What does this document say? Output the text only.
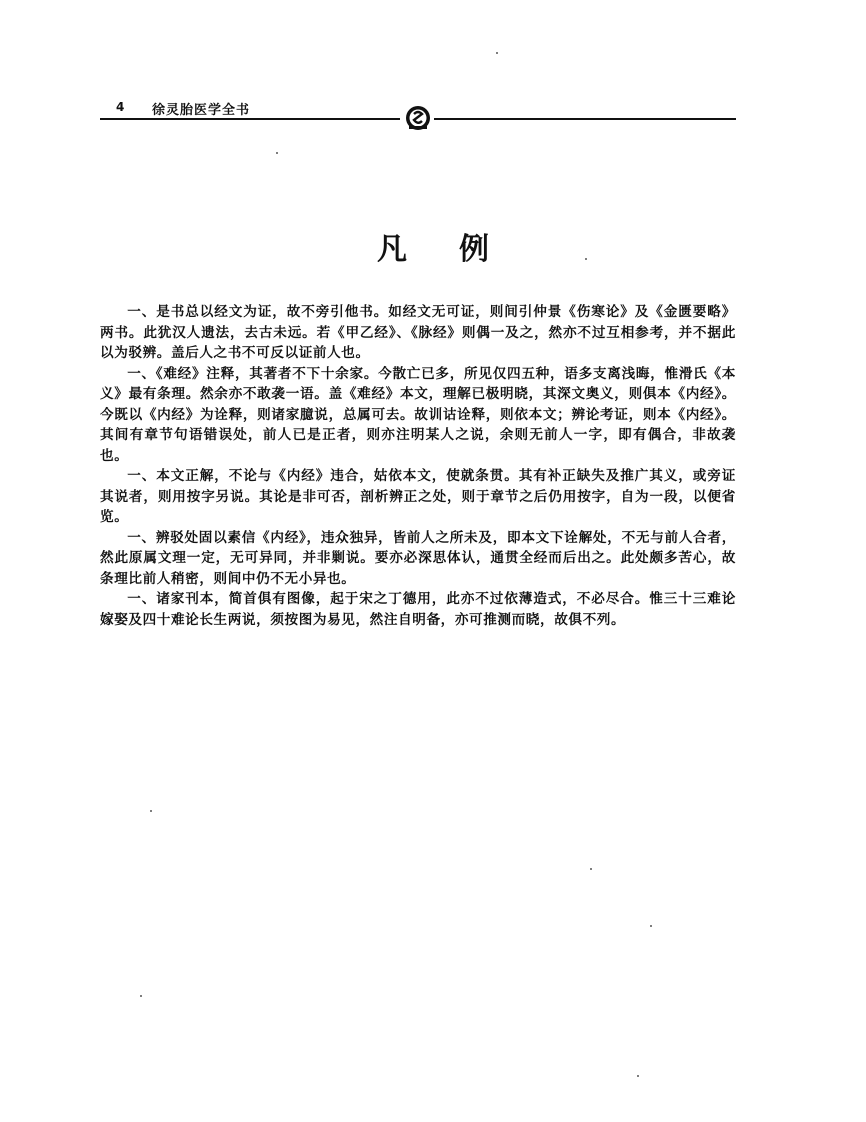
4 徐灵胎医学全书
凡例

一、是书总以经文为证，故不旁引他书。如经文无可证，则间引仲景《伤寒论》及《金匮要略》两书。此犹汉人遗法，去古未远。若《甲乙经》、《脉经》则偶一及之，然亦不过互相参考，并不据此以为驳辨。盖后人之书不可反以证前人也。

一、《难经》注释，其著者不下十余家。今散亡已多，所见仅四五种，语多支离浅晦，惟滑氏《本义》最有条理。然余亦不敢袭一语。盖《难经》本文，理解已极明晓，其深文奥义，则俱本《内经》。今既以《内经》为诠释，则诸家臆说，总属可去。故训诂诠释，则依本文；辨论考证，则本《内经》。其间有章节句语错误处，前人已是正者，则亦注明某人之说，余则无前人一字，即有偶合，非故袭也。

一、本文正解，不论与《内经》违合，姑依本文，使就条贯。其有补正缺失及推广其义，或旁证其说者，则用按字另说。其论是非可否，剖析辨正之处，则于章节之后仍用按字，自为一段，以便省览。

一、辨驳处固以素信《内经》，违众独异，皆前人之所未及，即本文下诠解处，不无与前人合者，然此原属文理一定，无可异同，并非剿说。要亦必深思体认，通贯全经而后出之。此处颇多苦心，故条理比前人稍密，则间中仍不无小异也。

一、诸家刊本，简首俱有图像，起于宋之丁德用，此亦不过依薄造式，不必尽合。惟三十三难论嫁娶及四十难论长生两说，须按图为易见，然注自明备，亦可推测而晓，故俱不列。
